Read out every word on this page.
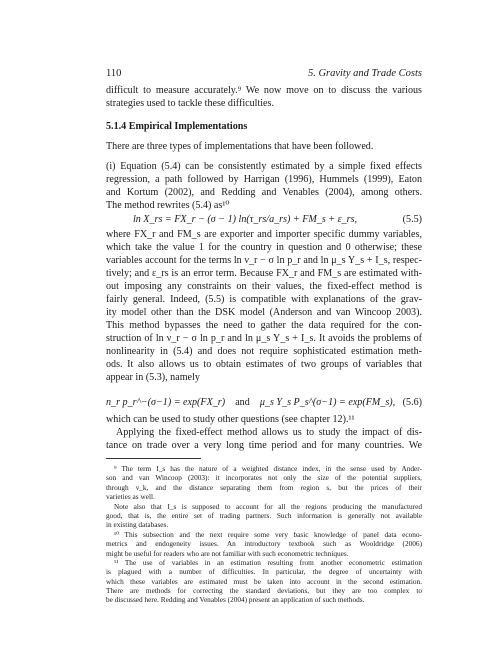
110	5. Gravity and Trade Costs
difficult to measure accurately.⁹ We now move on to discuss the various
strategies used to tackle these difficulties.
5.1.4 Empirical Implementations
There are three types of implementations that have been followed.
(i) Equation (5.4) can be consistently estimated by a simple fixed effects
regression, a path followed by Harrigan (1996), Hummels (1999), Eaton
and Kortum (2002), and Redding and Venables (2004), among others.
The method rewrites (5.4) as¹⁰
ln X_rs = FX_r − (σ − 1) ln(τ_rs/a_rs) + FM_s + ε_rs,	(5.5)
where FX_r and FM_s are exporter and importer specific dummy variables,
which take the value 1 for the country in question and 0 otherwise; these
variables account for the terms ln ν_r − σ ln p_r and ln μ_s Y_s + I_s, respec-
tively; and ε_rs is an error term. Because FX_r and FM_s are estimated with-
out imposing any constraints on their values, the fixed-effect method is
fairly general. Indeed, (5.5) is compatible with explanations of the grav-
ity model other than the DSK model (Anderson and van Wincoop 2003).
This method bypasses the need to gather the data required for the con-
struction of ln ν_r − σ ln p_r and ln μ_s Y_s + I_s. It avoids the problems of
nonlinearity in (5.4) and does not require sophisticated estimation meth-
ods. It also allows us to obtain estimates of two groups of variables that
appear in (5.3), namely
n_r p_r^−(σ−1) = exp(FX_r) and μ_s Y_s P_s^(σ−1) = exp(FM_s), (5.6)
which can be used to study other questions (see chapter 12).¹¹
Applying the fixed-effect method allows us to study the impact of dis-
tance on trade over a very long time period and for many countries. We
⁹ The term I_s has the nature of a weighted distance index, in the sense used by Ander-
son and van Wincoop (2003): it incorporates not only the size of the potential suppliers,
through ν_k, and the distance separating them from region s, but the prices of their
varieties as well.
Note also that I_s is supposed to account for all the regions producing the manufactured
good, that is, the entire set of trading partners. Such information is generally not available
in existing databases.
¹⁰ This subsection and the next require some very basic knowledge of panel data econo-
metrics and endogeneity issues. An introductory textbook such as Wooldridge (2006)
might be useful for readers who are not familiar with such econometric techniques.
¹¹ The use of variables in an estimation resulting from another econometric estimation
is plagued with a number of difficulties. In particular, the degree of uncertainty with
which these variables are estimated must be taken into account in the second estimation.
There are methods for correcting the standard deviations, but they are too complex to
be discussed here. Redding and Venables (2004) present an application of such methods.
